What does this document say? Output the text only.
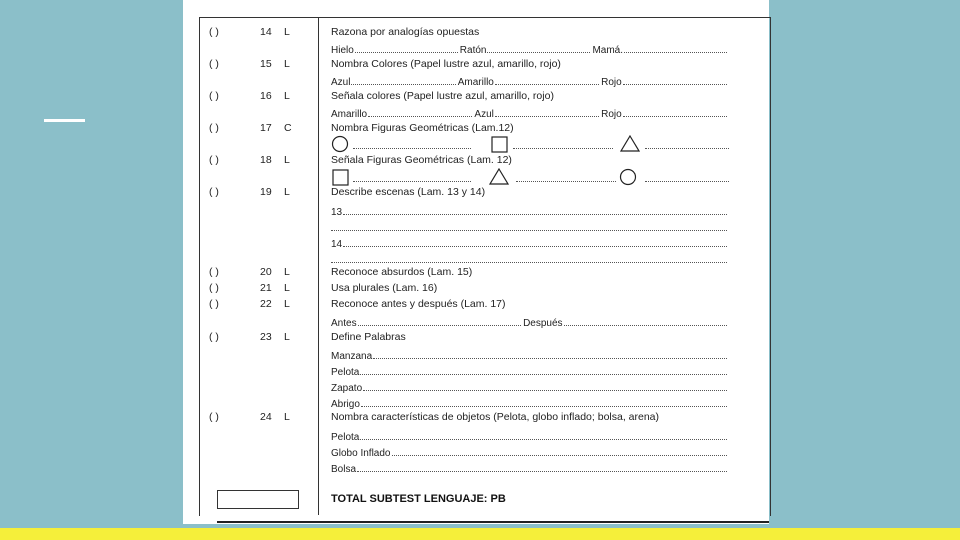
( )	14 L	Razona por analogías opuestas
Hielo	Ratón	Mamá.
( )	15 L	Nombra Colores (Papel lustre azul, amarillo, rojo)
Azul	Amarillo	Rojo
( )	16 L	Señala colores (Papel lustre azul, amarillo, rojo)
Amarillo	Azul	Rojo
( )	17 C	Nombra Figuras Geométricas (Lam.12)
( )	18 L	Señala Figuras Geométricas (Lam. 12)
( )	19 L	Describe escenas (Lam. 13 y 14)
13
14
( )	20 L	Reconoce absurdos (Lam. 15)
( )	21 L	Usa plurales (Lam. 16)
( )	22 L	Reconoce antes y después (Lam. 17)
Antes	Después
( )	23 L	Define Palabras
Manzana
Pelota
Zapato
Abrigo
( )	24 L	Nombra características de objetos (Pelota, globo inflado; bolsa, arena)
Pelota
Globo Inflado
Bolsa
TOTAL SUBTEST LENGUAJE: PB
